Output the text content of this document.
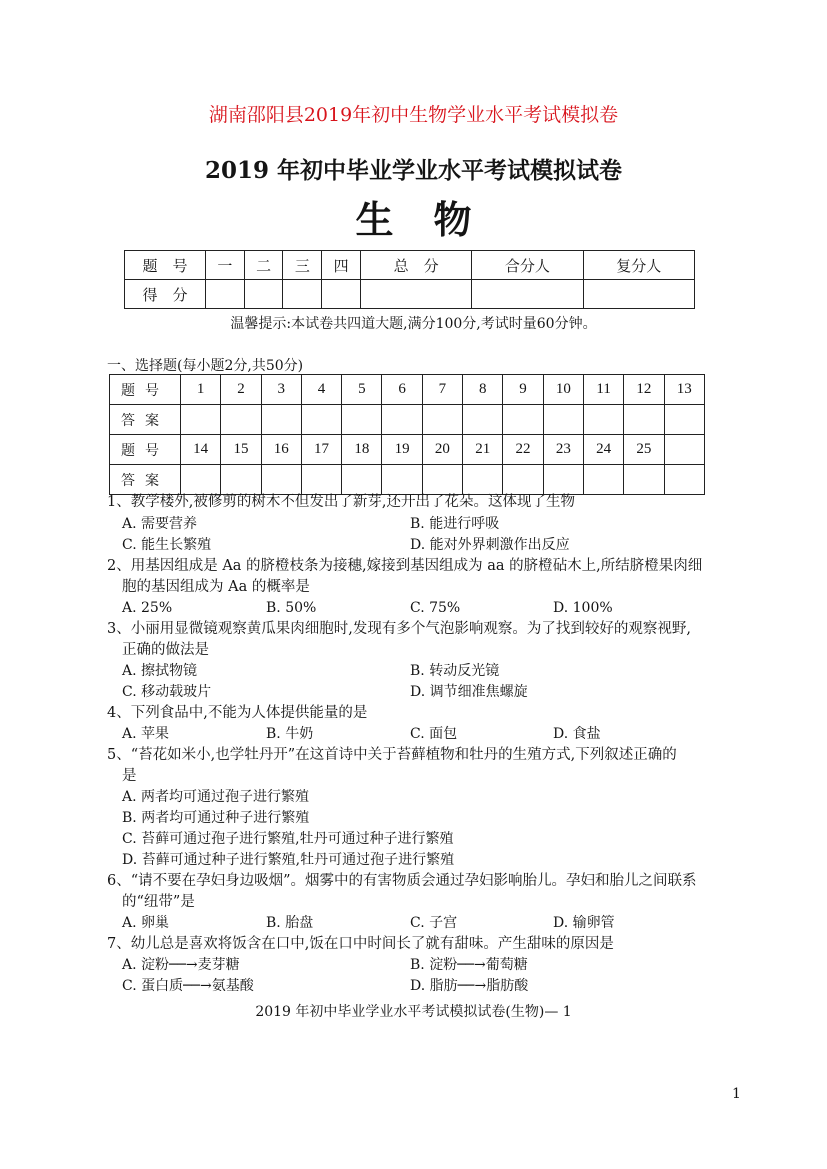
湖南邵阳县2019年初中生物学业水平考试模拟卷
2019 年初中毕业学业水平考试模拟试卷
生物
题　号	一	二	三	四	总　分	合分人	复分人
得　分							
温馨提示:本试卷共四道大题,满分100分,考试时量60分钟。
一、选择题(每小题2分,共50分)
题号	1	2	3	4	5	6	7	8	9	10	11	12	13
答案													
题号	14	15	16	17	18	19	20	21	22	23	24	25	
答案													
1、教学楼外,被修剪的树木不但发出了新芽,还开出了花朵。这体现了生物
A. 需要营养	B. 能进行呼吸
C. 能生长繁殖	D. 能对外界刺激作出反应
2、用基因组成是 Aa 的脐橙枝条为接穗,嫁接到基因组成为 aa 的脐橙砧木上,所结脐橙果肉细
胞的基因组成为 Aa 的概率是
A. 25%	B. 50%	C. 75%	D. 100%
3、小丽用显微镜观察黄瓜果肉细胞时,发现有多个气泡影响观察。为了找到较好的观察视野,
正确的做法是
A. 擦拭物镜	B. 转动反光镜
C. 移动载玻片	D. 调节细准焦螺旋
4、下列食品中,不能为人体提供能量的是
A. 苹果	B. 牛奶	C. 面包	D. 食盐
5、“苔花如米小,也学牡丹开”在这首诗中关于苔藓植物和牡丹的生殖方式,下列叙述正确的
是
A. 两者均可通过孢子进行繁殖
B. 两者均可通过种子进行繁殖
C. 苔藓可通过孢子进行繁殖,牡丹可通过种子进行繁殖
D. 苔藓可通过种子进行繁殖,牡丹可通过孢子进行繁殖
6、“请不要在孕妇身边吸烟”。烟雾中的有害物质会通过孕妇影响胎儿。孕妇和胎儿之间联系
的“纽带”是
A. 卵巢	B. 胎盘	C. 子宫	D. 输卵管
7、幼儿总是喜欢将饭含在口中,饭在口中时间长了就有甜味。产生甜味的原因是
A. 淀粉──→麦芽糖	B. 淀粉──→葡萄糖
C. 蛋白质──→氨基酸	D. 脂肪──→脂肪酸
2019 年初中毕业学业水平考试模拟试卷(生物)— 1
1
